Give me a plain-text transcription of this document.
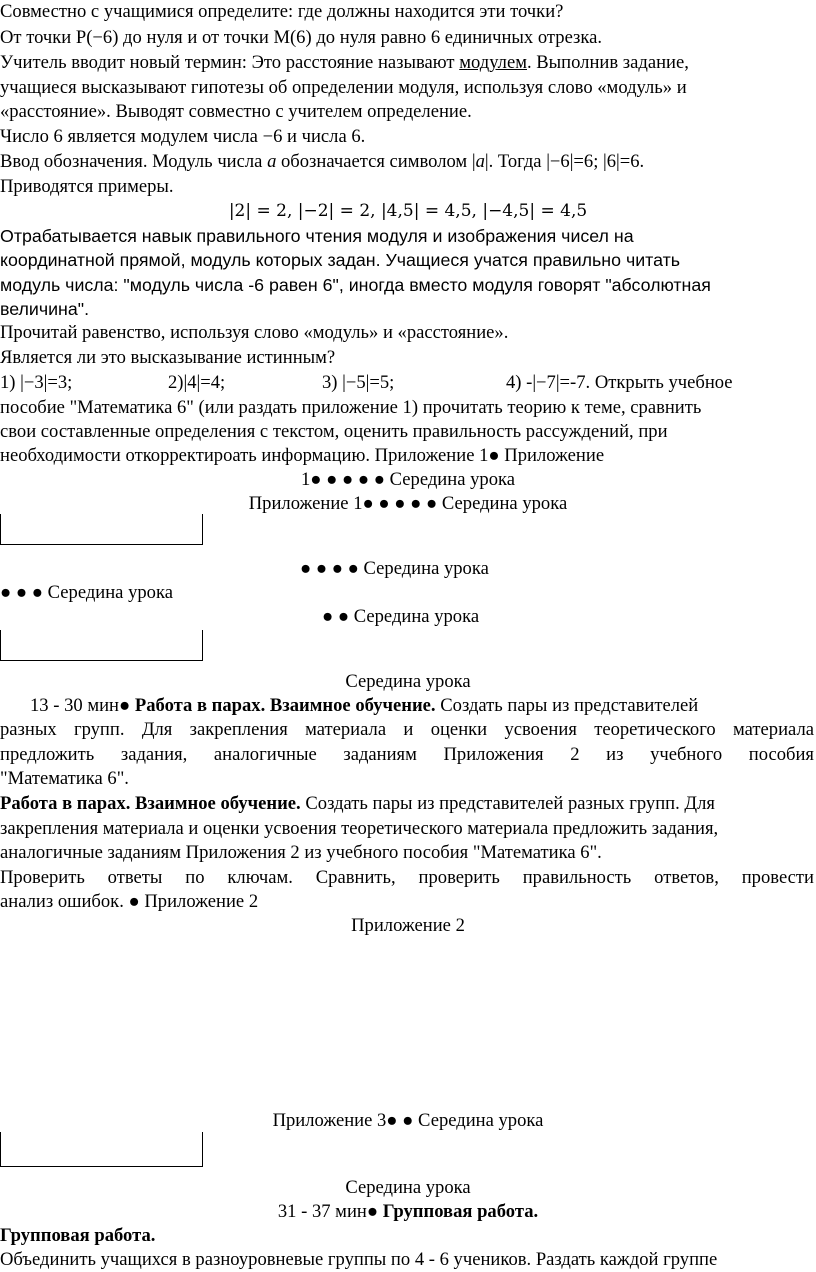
Совместно с учащимися определите: где должны находится эти точки?
От точки P(−6) до нуля и от точки M(6) до нуля равно 6 единичных отрезка.
Учитель вводит новый термин: Это расстояние называют модулем. Выполнив задание,
учащиеся высказывают гипотезы об определении модуля, используя слово «модуль» и
«расстояние». Выводят совместно с учителем определение.
Число 6 является модулем числа −6 и числа 6.
Ввод обозначения. Модуль числа a обозначается символом |a|. Тогда |−6|=6; |6|=6.
Приводятся примеры.
|2| = 2, |−2| = 2, |4,5| = 4,5, |−4,5| = 4,5
Отрабатывается навык правильного чтения модуля и изображения чисел на
координатной прямой, модуль которых задан. Учащиеся учатся правильно читать
модуль числа: "модуль числа -6 равен 6", иногда вместо модуля говорят "абсолютная
величина".
Прочитай равенство, используя слово «модуль» и «расстояние».
Является ли это высказывание истинным?
1) |−3|=3;	2)|4|=4;	3) |−5|=5;	4) -|−7|=-7. Открыть учебное
пособие "Математика 6" (или раздать приложение 1) прочитать теорию к теме, сравнить
свои составленные определения с текстом, оценить правильность рассуждений, при
необходимости откорректироать информацию. Приложение 1● Приложение
1● ● ● ● ● Середина урока
Приложение 1● ● ● ● ● Середина урока
● ● ● ● Середина урока
● ● ● Середина урока
● ● Середина урока
Середина урока
13 - 30 мин● Работа в парах. Взаимное обучение. Создать пары из представителей
разных групп. Для закрепления материала и оценки усвоения теоретического материала
предложить задания, аналогичные заданиям Приложения 2 из учебного пособия
"Математика 6".
Работа в парах. Взаимное обучение. Создать пары из представителей разных групп. Для
закрепления материала и оценки усвоения теоретического материала предложить задания,
аналогичные заданиям Приложения 2 из учебного пособия "Математика 6".
Проверить ответы по ключам. Сравнить, проверить правильность ответов, провести
анализ ошибок. ● Приложение 2
Приложение 2
Приложение 3● ● Середина урока
Середина урока
31 - 37 мин● Групповая работа.
Групповая работа.
Объединить учащихся в разноуровневые группы по 4 - 6 учеников. Раздать каждой группе
